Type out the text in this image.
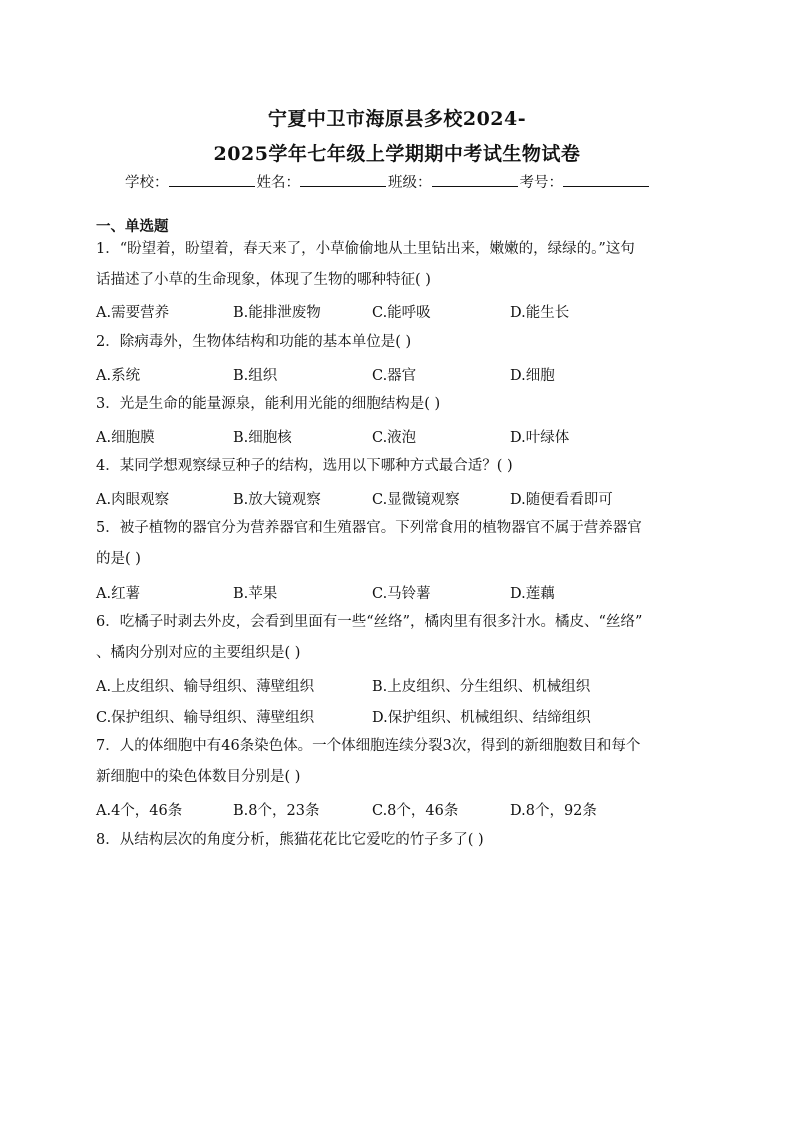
宁夏中卫市海原县多校2024-
2025学年七年级上学期期中考试生物试卷
学校：	姓名：	班级：	考号：
一、单选题
1．“盼望着，盼望着，春天来了，小草偷偷地从土里钻出来，嫩嫩的，绿绿的。”这句
话描述了小草的生命现象，体现了生物的哪种特征( )
A.需要营养	B.能排泄废物	C.能呼吸	D.能生长
2．除病毒外，生物体结构和功能的基本单位是( )
A.系统	B.组织	C.器官	D.细胞
3．光是生命的能量源泉，能利用光能的细胞结构是( )
A.细胞膜	B.细胞核	C.液泡	D.叶绿体
4．某同学想观察绿豆种子的结构，选用以下哪种方式最合适？( )
A.肉眼观察	B.放大镜观察	C.显微镜观察	D.随便看看即可
5．被子植物的器官分为营养器官和生殖器官。下列常食用的植物器官不属于营养器官
的是( )
A.红薯	B.苹果	C.马铃薯	D.莲藕
6．吃橘子时剥去外皮，会看到里面有一些“丝络”，橘肉里有很多汁水。橘皮、“丝络”
、橘肉分别对应的主要组织是( )
A.上皮组织、输导组织、薄壁组织	B.上皮组织、分生组织、机械组织
C.保护组织、输导组织、薄壁组织	D.保护组织、机械组织、结缔组织
7．人的体细胞中有46条染色体。一个体细胞连续分裂3次，得到的新细胞数目和每个
新细胞中的染色体数目分别是( )
A.4个，46条	B.8个，23条	C.8个，46条	D.8个，92条
8．从结构层次的角度分析，熊猫花花比它爱吃的竹子多了( )
